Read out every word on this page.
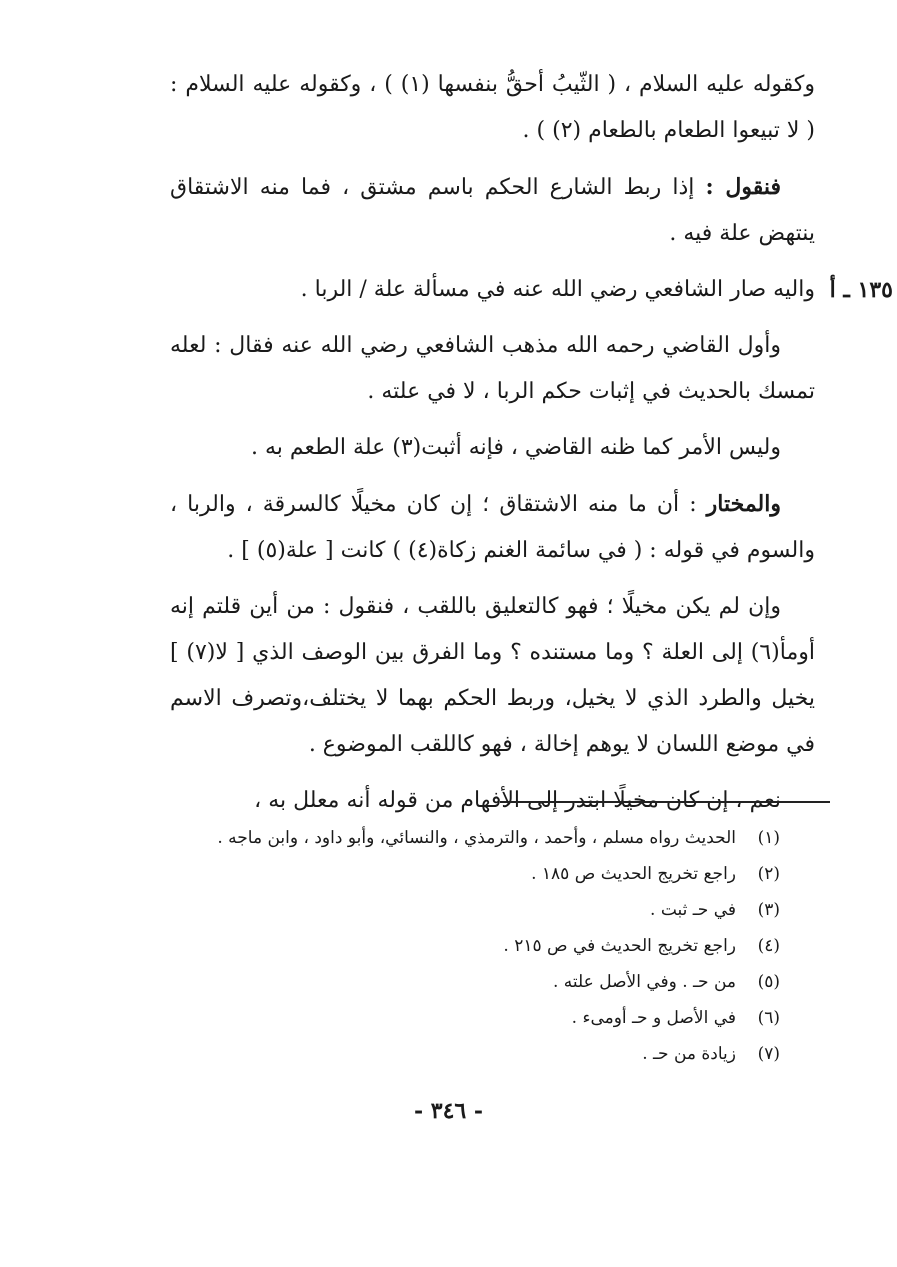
وكقوله عليه السلام ، ( الثّيبُ أحقُّ بنفسها (١) ) ، وكقوله عليه السلام : ( لا تبيعوا الطعام بالطعام (٢) ) .

فنقول : إذا ربط الشارع الحكم باسم مشتق ، فما منه الاشتقاق ينتهض علة فيه .

١٣٥ ـ أ
واليه صار الشافعي رضي الله عنه في مسألة علة / الربا .

وأول القاضي رحمه الله مذهب الشافعي رضي الله عنه فقال : لعله تمسك بالحديث في إثبات حكم الربا ، لا في علته .

وليس الأمر كما ظنه القاضي ، فإنه أثبت(٣) علة الطعم به .

والمختار : أن ما منه الاشتقاق ؛ إن كان مخيلًا كالسرقة ، والربا ، والسوم في قوله : ( في سائمة الغنم زكاة(٤) ) كانت [ علة(٥) ] .

وإن لم يكن مخيلًا ؛ فهو كالتعليق باللقب ، فنقول : من أين قلتم إنه أومأ(٦) إلى العلة ؟ وما مستنده ؟ وما الفرق بين الوصف الذي [ لا(٧) ] يخيل والطرد الذي لا يخيل، وربط الحكم بهما لا يختلف،وتصرف الاسم في موضع اللسان لا يوهم إخالة ، فهو كاللقب الموضوع .

نعم ، إن كان مخيلًا ابتدر إلى الأفهام من قوله أنه معلل به ،

(١)الحديث رواه مسلم ، وأحمد ، والترمذي ، والنسائي، وأبو داود ، وابن ماجه .
(٢)راجع تخريج الحديث ص ١٨٥ .
(٣)في حـ ثبت .
(٤)راجع تخريج الحديث في ص ٢١٥ .
(٥)من حـ . وفي الأصل علته .
(٦)في الأصل و حـ أومىء .
(٧)زيادة من حـ .
- ٣٤٦ -
